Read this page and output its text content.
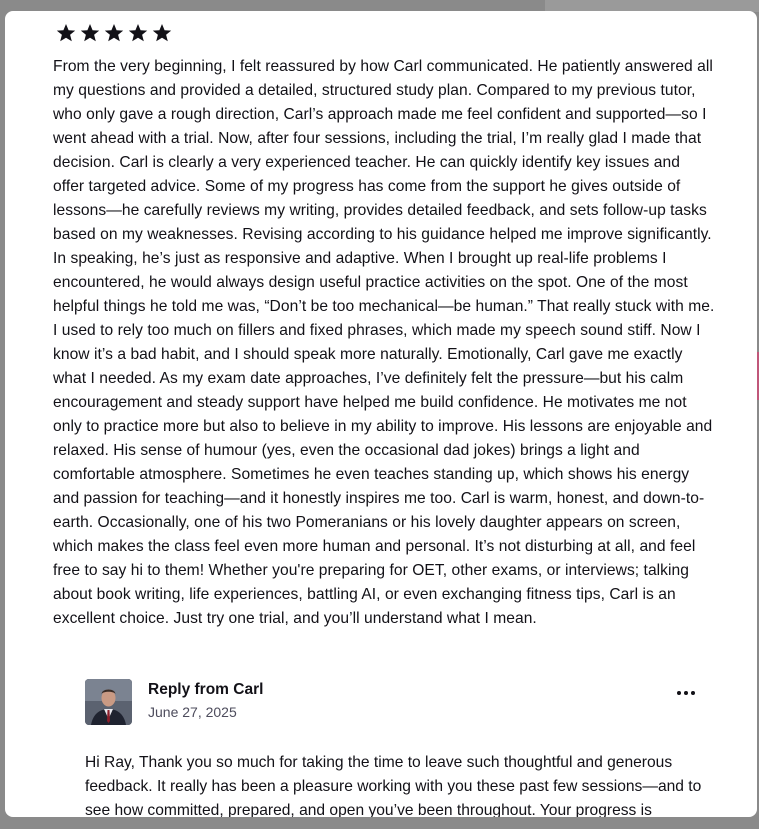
From the very beginning, I felt reassured by how Carl communicated. He patiently answered all my questions and provided a detailed, structured study plan. Compared to my previous tutor, who only gave a rough direction, Carl’s approach made me feel confident and supported—so I went ahead with a trial. Now, after four sessions, including the trial, I’m really glad I made that decision. Carl is clearly a very experienced teacher. He can quickly identify key issues and offer targeted advice. Some of my progress has come from the support he gives outside of lessons—he carefully reviews my writing, provides detailed feedback, and sets follow-up tasks based on my weaknesses. Revising according to his guidance helped me improve significantly. In speaking, he’s just as responsive and adaptive. When I brought up real-life problems I encountered, he would always design useful practice activities on the spot. One of the most helpful things he told me was, “Don’t be too mechanical—be human.” That really stuck with me. I used to rely too much on fillers and fixed phrases, which made my speech sound stiff. Now I know it’s a bad habit, and I should speak more naturally. Emotionally, Carl gave me exactly what I needed. As my exam date approaches, I’ve definitely felt the pressure—but his calm encouragement and steady support have helped me build confidence. He motivates me not only to practice more but also to believe in my ability to improve. His lessons are enjoyable and relaxed. His sense of humour (yes, even the occasional dad jokes) brings a light and comfortable atmosphere. Sometimes he even teaches standing up, which shows his energy and passion for teaching—and it honestly inspires me too. Carl is warm, honest, and down-to-earth. Occasionally, one of his two Pomeranians or his lovely daughter appears on screen, which makes the class feel even more human and personal. It’s not disturbing at all, and feel free to say hi to them! Whether you're preparing for OET, other exams, or interviews; talking about book writing, life experiences, battling AI, or even exchanging fitness tips, Carl is an excellent choice. Just try one trial, and you’ll understand what I mean.

Reply from Carl
June 27, 2025

Hi Ray, Thank you so much for taking the time to leave such thoughtful and generous feedback. It really has been a pleasure working with you these past few sessions—and to see how committed, prepared, and open you’ve been throughout. Your progress is
